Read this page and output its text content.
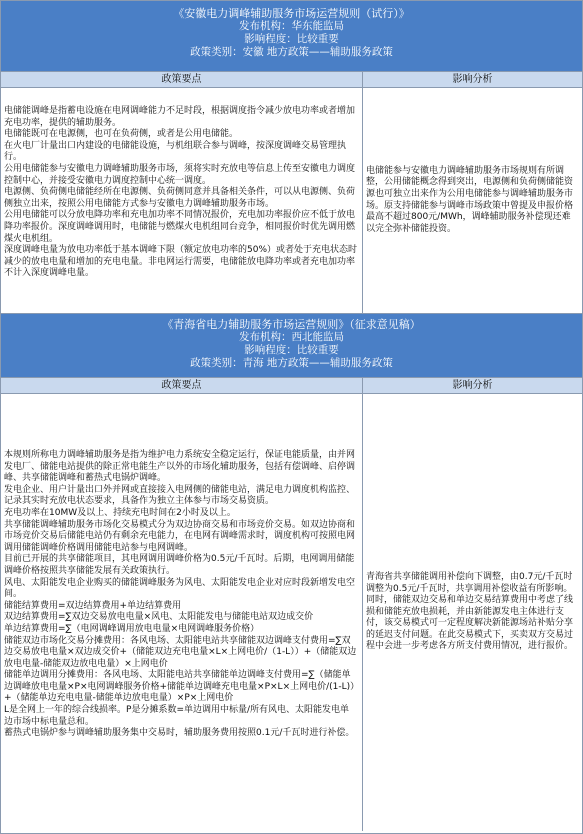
《安徽电力调峰辅助服务市场运营规则（试行）》
发布机构：华东能监局
影响程度：比较重要
政策类别：安徽 地方政策——辅助服务政策
政策要点	影响分析

电储能调峰是指蓄电设施在电网调峰能力不足时段，根据调度指令减少放电功率或者增加充电功率，提供的辅助服务。

电储能既可在电源侧，也可在负荷侧，或者是公用电储能。

在火电厂计量出口内建设的电储能设施，与机组联合参与调峰，按深度调峰交易管理执行。

公用电储能参与安徽电力调峰辅助服务市场，须将实时充放电等信息上传至安徽电力调度控制中心，并接受安徽电力调度控制中心统一调度。

电源侧、负荷侧电储能经所在电源侧、负荷侧同意并具备相关条件，可以从电源侧、负荷侧独立出来，按照公用电储能方式参与安徽电力调峰辅助服务市场。

公用电储能可以分放电降功率和充电加功率不同情况报价，充电加功率报价应不低于放电降功率报价。深度调峰调用时，电储能与燃煤火电机组同台竞争，相同报价时优先调用燃煤火电机组。

深度调峰电量为放电功率低于基本调峰下限（额定放电功率的50%）或者处于充电状态时减少的放电电量和增加的充电电量。非电网运行需要，电储能放电降功率或者充电加功率不计入深度调峰电量。

电储能参与安徽电力调峰辅助服务市场规则有所调整，公用储能概念得到突出，电源侧和负荷侧储能资源也可独立出来作为公用电储能参与调峰辅助服务市场。原支持储能参与调峰市场政策中曾提及申报价格最高不超过800元/MWh，调峰辅助服务补偿现还难以完全弥补储能投资。

《青海省电力辅助服务市场运营规则》（征求意见稿）
发布机构：西北能监局
影响程度：比较重要
政策类别：青海 地方政策——辅助服务政策
政策要点	影响分析

本规则所称电力调峰辅助服务是指为维护电力系统安全稳定运行，保证电能质量，由并网发电厂、储能电站提供的除正常电能生产以外的市场化辅助服务，包括有偿调峰、启停调峰、共享储能调峰和蓄热式电锅炉调峰。

发电企业、用户计量出口外并网或直接接入电网侧的储能电站，满足电力调度机构监控、记录其实时充放电状态要求，具备作为独立主体参与市场交易资质。

充电功率在10MW及以上、持续充电时间在2小时及以上。

共享储能调峰辅助服务市场化交易模式分为双边协商交易和市场竞价交易。如双边协商和市场竞价交易后储能电站仍有剩余充电能力，在电网有调峰需求时，调度机构可按照电网调用储能调峰价格调用储能电站参与电网调峰。

目前已开展的共享储能项目，其电网调用调峰价格为0.5元/千瓦时。后期，电网调用储能调峰价格按照共享储能发展有关政策执行。

风电、太阳能发电企业购买的储能调峰服务为风电、太阳能发电企业对应时段新增发电空间。

储能结算费用=双边结算费用+单边结算费用

双边结算费用=∑双边交易放电电量×风电、太阳能发电与储能电站双边成交价

单边结算费用=∑（电网调峰调用放电电量×电网调峰服务价格）

储能双边市场化交易分摊费用：各风电场、太阳能电站共享储能双边调峰支付费用=∑双边交易放电电量×双边成交价+（储能双边充电电量×L×上网电价/（1-L））+（储能双边放电电量-储能双边放电电量）×上网电价

储能单边调用分摊费用：各风电场、太阳能电站共享储能单边调峰支付费用=∑（储能单边调峰放电电量×P×电网调峰服务价格+储能单边调峰充电电量×P×L×上网电价/(1-L)）+（储能单边充电电量-储能单边放电电量）×P×上网电价

L是全网上一年的综合线损率。P是分摊系数=单边调用中标量/所有风电、太阳能发电单边市场中标电量总和。

蓄热式电锅炉参与调峰辅助服务集中交易时，辅助服务费用按照0.1元/千瓦时进行补偿。

青海省共享储能调用补偿向下调整，由0.7元/千瓦时调整为0.5元/千瓦时，共享调用补偿收益有所影响。同时，储能双边交易和单边交易结算费用中考虑了线损和储能充放电损耗，并由新能源发电主体进行支付，该交易模式可一定程度解决新能源场站补贴分享的延迟支付问题。在此交易模式下，买卖双方交易过程中会进一步考虑各方所支付费用情况，进行报价。
